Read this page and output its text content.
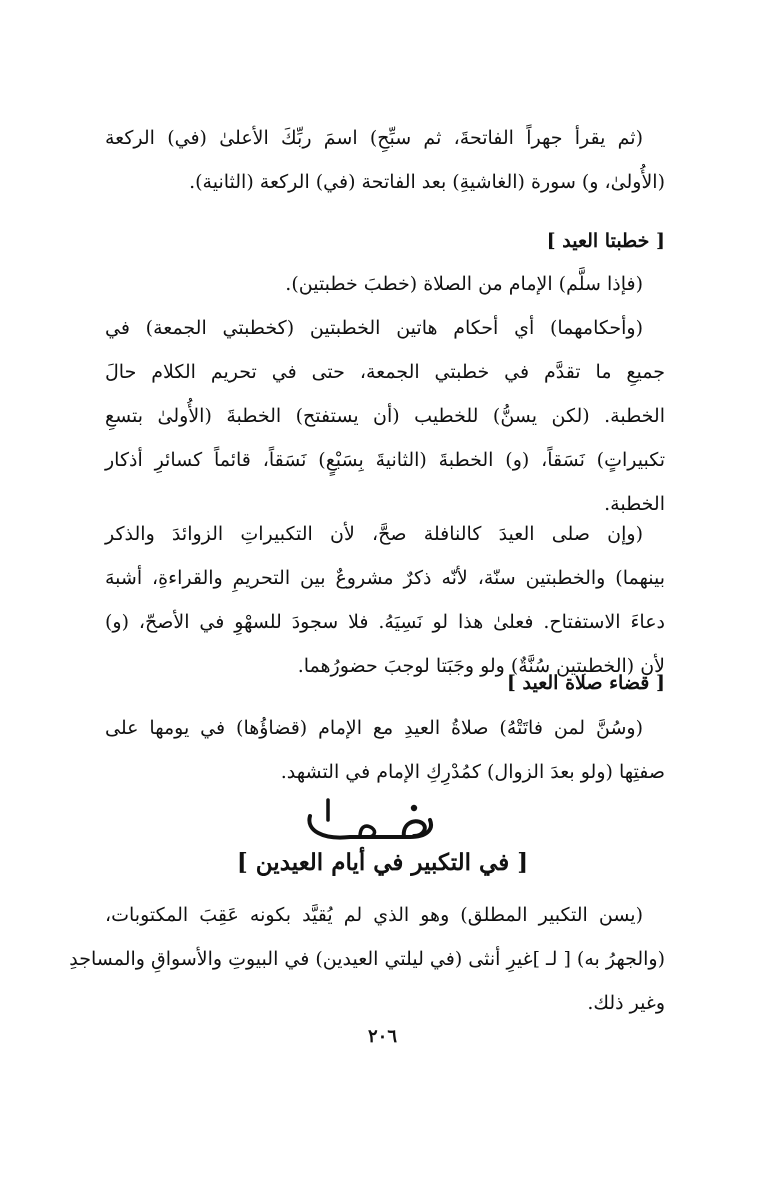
(ثم يقرأ جهراً الفاتحةَ، ثم سبِّحِ) اسمَ ربِّكَ الأعلىٰ (في) الركعة
(الأُولىٰ، و) سورة (الغاشيةِ) بعد الفاتحة (في) الركعة (الثانية).
[ خطبتا العيد ]
(فإذا سلَّم) الإمام من الصلاة (خطبَ خطبتين).
(وأحكامهما) أي أحكام هاتين الخطبتين (كخطبتي الجمعة) في
جميعِ ما تقدَّم في خطبتي الجمعة، حتى في تحريم الكلام حالَ
الخطبة. (لكن يسنُّ) للخطيب (أن يستفتح) الخطبةَ (الأُولىٰ بتسعِ
تكبيراتٍ) نَسَقاً، (و) الخطبةَ (الثانيةَ بِسَبْعٍ) نَسَقاً، قائماً كسائرِ أذكار
الخطبة.
(وإن صلى العيدَ كالنافلة صحَّ، لأن التكبيراتِ الزوائدَ والذكر
بينهما) والخطبتين سنّة، لأنّه ذكرٌ مشروعٌ بين التحريمِ والقراءةِ، أشبهَ
دعاءَ الاستفتاح. فعلىٰ هذا لو نَسِيَهُ. فلا سجودَ للسهْوِ في الأصحّ، (و)
لأن (الخطبتين سُنَّةٌ) ولو وجَبَتا لوجبَ حضورُهما.
[ قضاء صلاة العيد ]
(وسُنَّ لمن فاتَتْهُ) صلاةُ العيدِ مع الإمام (قضاؤُها) في يومها على
صفتِها (ولو بعدَ الزوال) كمُدْرِكِ الإمام في التشهد.
[ في التكبير في أيام العيدين ]
(يسن التكبير المطلق) وهو الذي لم يُقيَّد بكونه عَقِبَ المكتوبات،
(والجهرُ به) [ لـ ]غيرِ أنثى (في ليلتي العيدين) في البيوتِ والأسواقِ والمساجدِ
وغير ذلك.
٢٠٦
